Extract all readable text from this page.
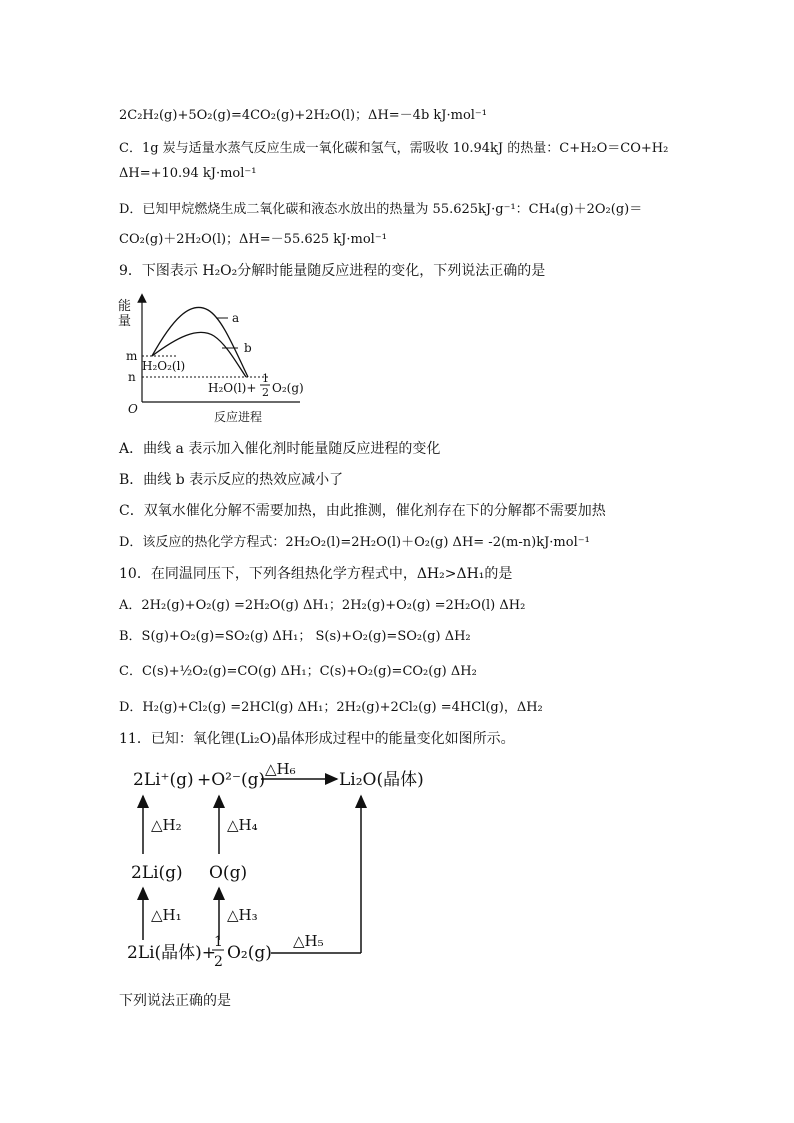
2C₂H₂(g)+5O₂(g)=4CO₂(g)+2H₂O(l)；ΔH=－4b kJ·mol⁻¹
C．1g 炭与适量水蒸气反应生成一氧化碳和氢气，需吸收 10.94kJ 的热量：C+H₂O＝CO+H₂
ΔH=+10.94 kJ·mol⁻¹
D．已知甲烷燃烧生成二氧化碳和液态水放出的热量为 55.625kJ·g⁻¹：CH₄(g)＋2O₂(g)＝
CO₂(g)＋2H₂O(l)；ΔH=－55.625 kJ·mol⁻¹
9．下图表示 H₂O₂分解时能量随反应进程的变化，下列说法正确的是
能
量
O
反应进程
m
n
a
b
H₂O₂(l)
H₂O(l)+
1
2 O₂(g)
A．曲线 a 表示加入催化剂时能量随反应进程的变化
B．曲线 b 表示反应的热效应减小了
C．双氧水催化分解不需要加热，由此推测，催化剂存在下的分解都不需要加热
D．该反应的热化学方程式：2H₂O₂(l)=2H₂O(l)＋O₂(g) ΔH= -2(m-n)kJ·mol⁻¹
10．在同温同压下，下列各组热化学方程式中，ΔH₂>ΔH₁的是
A．2H₂(g)+O₂(g) =2H₂O(g) ΔH₁；2H₂(g)+O₂(g) =2H₂O(l) ΔH₂
B．S(g)+O₂(g)=SO₂(g) ΔH₁； S(s)+O₂(g)=SO₂(g) ΔH₂
C．C(s)+½O₂(g)=CO(g) ΔH₁；C(s)+O₂(g)=CO₂(g) ΔH₂
D．H₂(g)+Cl₂(g) =2HCl(g) ΔH₁；2H₂(g)+2Cl₂(g) =4HCl(g)，ΔH₂
11．已知：氧化锂(Li₂O)晶体形成过程中的能量变化如图所示。
2Li⁺(g) +O²⁻(g)
△H₆
Li₂O(晶体)
△H₂	△H₄
2Li(g) O(g)
△H₁	△H₃
2Li(晶体)+
1
2 O₂(g)
△H₅
下列说法正确的是
